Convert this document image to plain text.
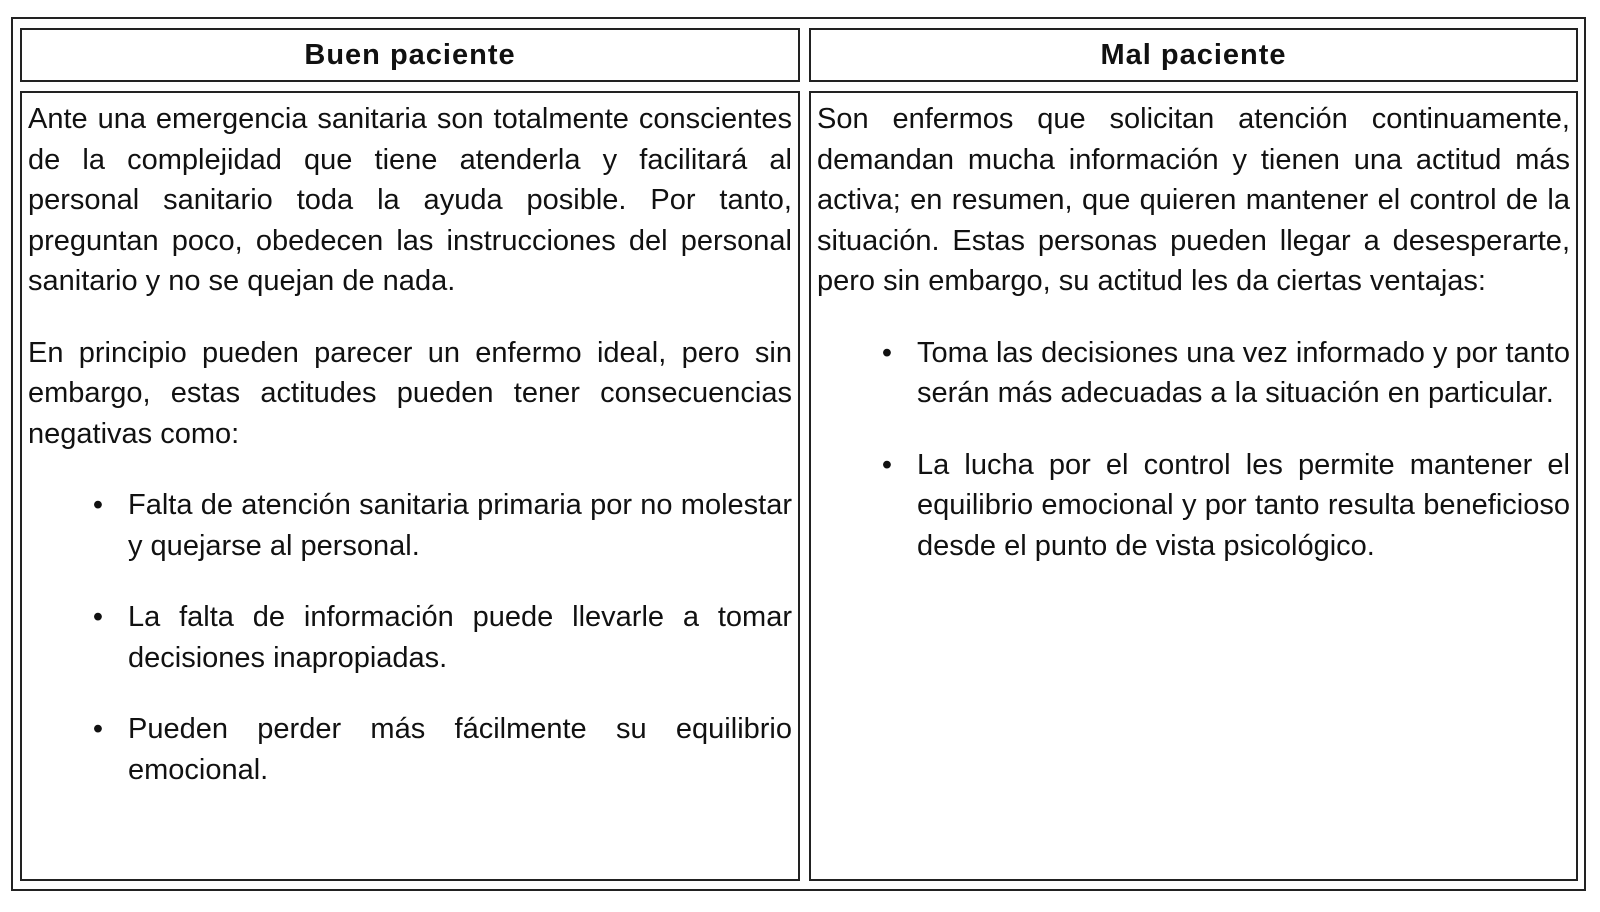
Buen paciente	Mal paciente

Ante una emergencia sanitaria son totalmente conscientes de la complejidad que tiene atenderla y facilitará al personal sanitario toda la ayuda posible. Por tanto, preguntan poco, obedecen las instrucciones del personal sanitario y no se quejan de nada.

En principio pueden parecer un enfermo ideal, pero sin embargo, estas actitudes pueden tener consecuencias negativas como:

• Falta de atención sanitaria primaria por no molestar y quejarse al personal.
• La falta de información puede llevarle a tomar decisiones inapropiadas.
• Pueden perder más fácilmente su equilibrio emocional.

Son enfermos que solicitan atención continuamente, demandan mucha información y tienen una actitud más activa; en resumen, que quieren mantener el control de la situación. Estas personas pueden llegar a desesperarte, pero sin embargo, su actitud les da ciertas ventajas:

• Toma las decisiones una vez informado y por tanto serán más adecuadas a la situación en particular.
• La lucha por el control les permite mantener el equilibrio emocional y por tanto resulta beneficioso desde el punto de vista psicológico.
